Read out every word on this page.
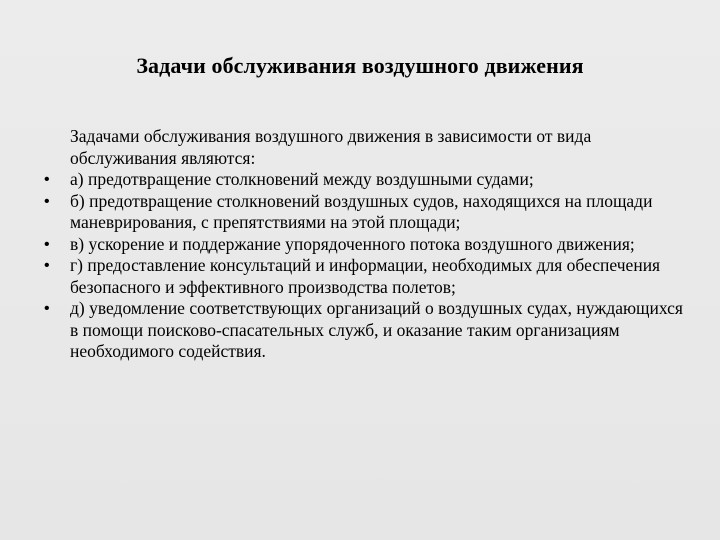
Задачи обслуживания воздушного движения

Задачами обслуживания воздушного движения в зависимости от вида обслуживания являются:

•	а) предотвращение столкновений между воздушными судами;
•	б) предотвращение столкновений воздушных судов, находящихся на площади маневрирования, с препятствиями на этой площади;
•	в) ускорение и поддержание упорядоченного потока воздушного движения;
•	г) предоставление консультаций и информации, необходимых для обеспечения безопасного и эффективного производства полетов;
•	д) уведомление соответствующих организаций о воздушных судах, нуждающихся в помощи поисково-спасательных служб, и оказание таким организациям необходимого содействия.
